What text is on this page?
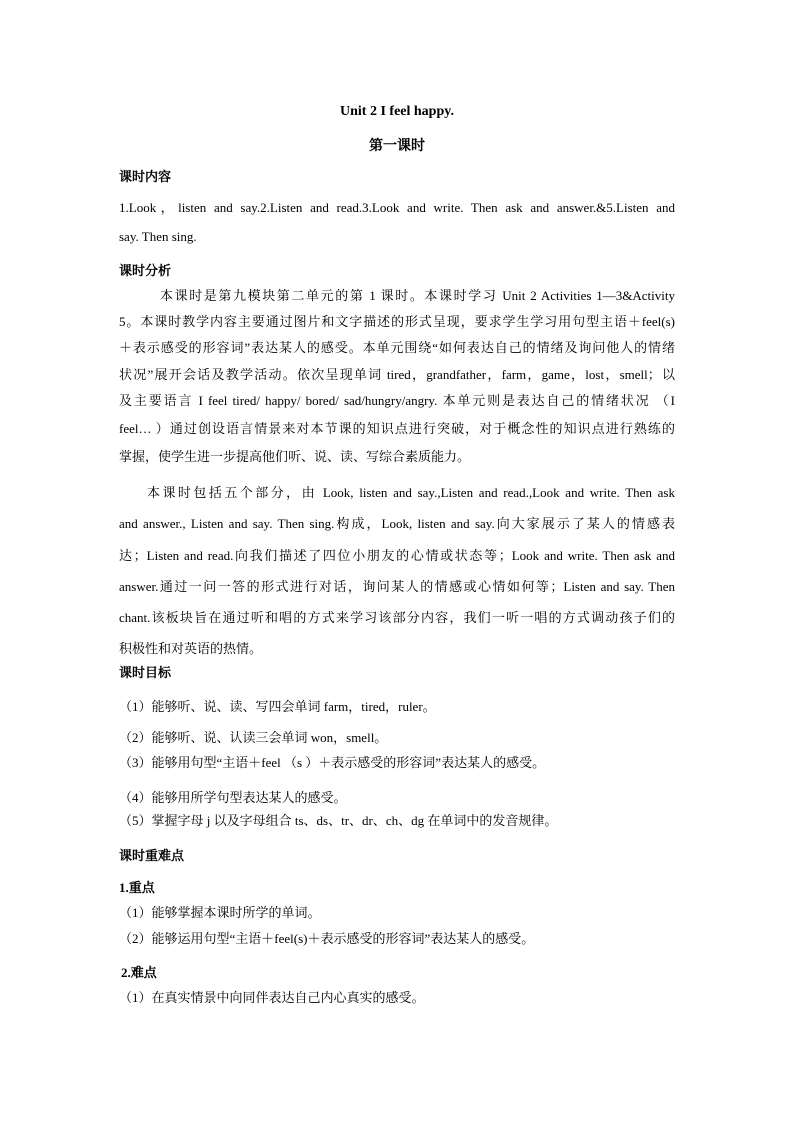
Unit 2 I feel happy.
第一课时
课时内容
1.Look，listen and say.2.Listen and read.3.Look and write. Then ask and answer.&5.Listen and
say. Then sing.
课时分析
本课时是第九模块第二单元的第 1 课时。本课时学习 Unit 2 Activities 1—3&Activity
5。本课时教学内容主要通过图片和文字描述的形式呈现，要求学生学习用句型主语＋feel(s)
＋表示感受的形容词”表达某人的感受。本单元围绕“如何表达自己的情绪及询问他人的情绪
状况”展开会话及教学活动。依次呈现单词 tired，grandfather，farm，game，lost，smell；以
及主要语言 I feel tired/ happy/ bored/ sad/hungry/angry. 本单元则是表达自己的情绪状况 （I
feel… ）通过创设语言情景来对本节课的知识点进行突破，对于概念性的知识点进行熟练的
掌握，使学生进一步提高他们听、说、读、写综合素质能力。
本课时包括五个部分，由 Look, listen and say.,Listen and read.,Look and write. Then ask
and answer., Listen and say. Then sing.构成，Look, listen and say.向大家展示了某人的情感表
达；Listen and read.向我们描述了四位小朋友的心情或状态等；Look and write. Then ask and
answer.通过一问一答的形式进行对话，询问某人的情感或心情如何等；Listen and say. Then
chant.该板块旨在通过听和唱的方式来学习该部分内容，我们一听一唱的方式调动孩子们的
积极性和对英语的热情。
课时目标
（1）能够听、说、读、写四会单词 farm，tired，ruler。
（2）能够听、说、认读三会单词 won，smell。
（3）能够用句型“主语＋feel （s ）＋表示感受的形容词”表达某人的感受。
（4）能够用所学句型表达某人的感受。
（5）掌握字母 j 以及字母组合 ts、ds、tr、dr、ch、dg 在单词中的发音规律。
课时重难点
1.重点
（1）能够掌握本课时所学的单词。
（2）能够运用句型“主语＋feel(s)＋表示感受的形容词”表达某人的感受。
2.难点
（1）在真实情景中向同伴表达自己内心真实的感受。
